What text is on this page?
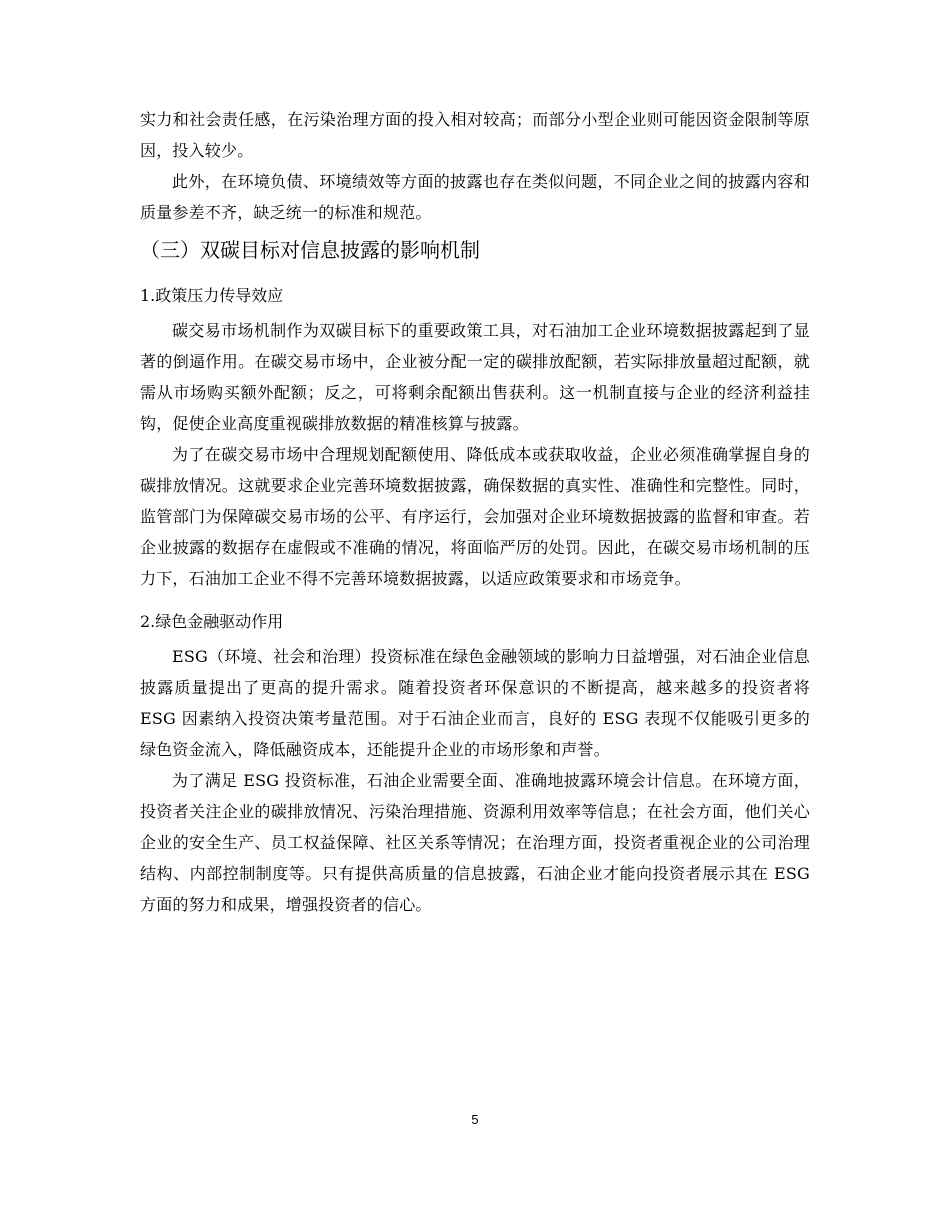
实力和社会责任感，在污染治理方面的投入相对较高；而部分小型企业则可能因资金限制等原因，投入较少。

此外，在环境负债、环境绩效等方面的披露也存在类似问题，不同企业之间的披露内容和质量参差不齐，缺乏统一的标准和规范。

（三）双碳目标对信息披露的影响机制
1.政策压力传导效应

碳交易市场机制作为双碳目标下的重要政策工具，对石油加工企业环境数据披露起到了显著的倒逼作用。在碳交易市场中，企业被分配一定的碳排放配额，若实际排放量超过配额，就需从市场购买额外配额；反之，可将剩余配额出售获利。这一机制直接与企业的经济利益挂钩，促使企业高度重视碳排放数据的精准核算与披露。

为了在碳交易市场中合理规划配额使用、降低成本或获取收益，企业必须准确掌握自身的碳排放情况。这就要求企业完善环境数据披露，确保数据的真实性、准确性和完整性。同时，监管部门为保障碳交易市场的公平、有序运行，会加强对企业环境数据披露的监督和审查。若企业披露的数据存在虚假或不准确的情况，将面临严厉的处罚。因此，在碳交易市场机制的压力下，石油加工企业不得不完善环境数据披露，以适应政策要求和市场竞争。

2.绿色金融驱动作用

ESG（环境、社会和治理）投资标准在绿色金融领域的影响力日益增强，对石油企业信息披露质量提出了更高的提升需求。随着投资者环保意识的不断提高，越来越多的投资者将 ESG 因素纳入投资决策考量范围。对于石油企业而言，良好的 ESG 表现不仅能吸引更多的绿色资金流入，降低融资成本，还能提升企业的市场形象和声誉。

为了满足 ESG 投资标准，石油企业需要全面、准确地披露环境会计信息。在环境方面，投资者关注企业的碳排放情况、污染治理措施、资源利用效率等信息；在社会方面，他们关心企业的安全生产、员工权益保障、社区关系等情况；在治理方面，投资者重视企业的公司治理结构、内部控制制度等。只有提供高质量的信息披露，石油企业才能向投资者展示其在 ESG 方面的努力和成果，增强投资者的信心。

5
